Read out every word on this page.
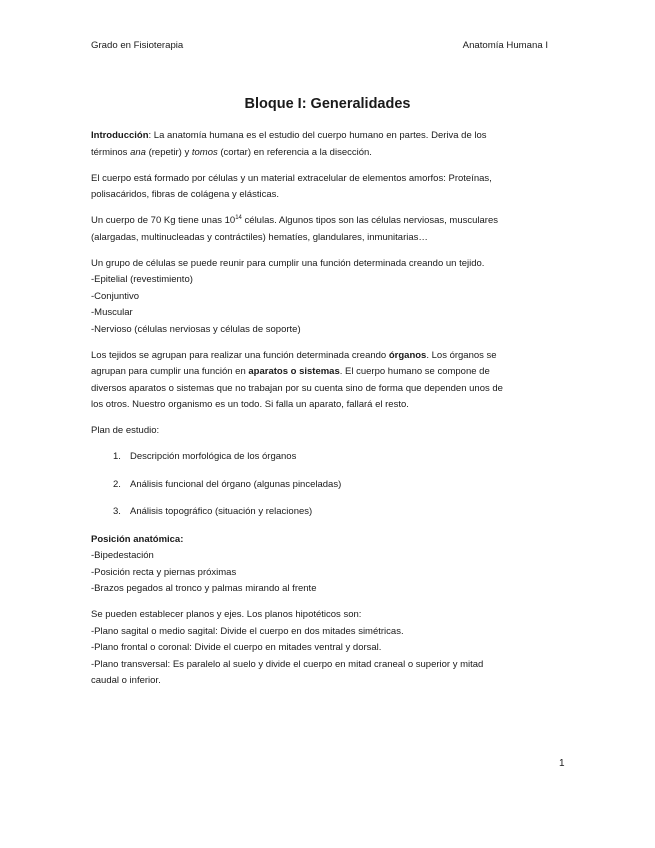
Grado en Fisioterapia	Anatomía Humana I
Bloque I: Generalidades
Introducción: La anatomía humana es el estudio del cuerpo humano en partes. Deriva de los
términos ana (repetir) y tomos (cortar) en referencia a la disección.
El cuerpo está formado por células y un material extracelular de elementos amorfos: Proteínas,
polisacáridos, fibras de colágena y elásticas.
Un cuerpo de 70 Kg tiene unas $10^{14}$ células. Algunos tipos son las células nerviosas, musculares
(alargadas, multinucleadas y contráctiles) hematíes, glandulares, inmunitarias…
Un grupo de células se puede reunir para cumplir una función determinada creando un tejido.
-Epitelial (revestimiento)
-Conjuntivo
-Muscular
-Nervioso (células nerviosas y células de soporte)
Los tejidos se agrupan para realizar una función determinada creando órganos. Los órganos se
agrupan para cumplir una función en aparatos o sistemas. El cuerpo humano se compone de
diversos aparatos o sistemas que no trabajan por su cuenta sino de forma que dependen unos de
los otros. Nuestro organismo es un todo. Si falla un aparato, fallará el resto.
Plan de estudio:
1. Descripción morfológica de los órganos
2. Análisis funcional del órgano (algunas pinceladas)
3. Análisis topográfico (situación y relaciones)
Posición anatómica:
-Bipedestación
-Posición recta y piernas próximas
-Brazos pegados al tronco y palmas mirando al frente
Se pueden establecer planos y ejes. Los planos hipotéticos son:
-Plano sagital o medio sagital: Divide el cuerpo en dos mitades simétricas.
-Plano frontal o coronal: Divide el cuerpo en mitades ventral y dorsal.
-Plano transversal: Es paralelo al suelo y divide el cuerpo en mitad craneal o superior y mitad
caudal o inferior.
1
